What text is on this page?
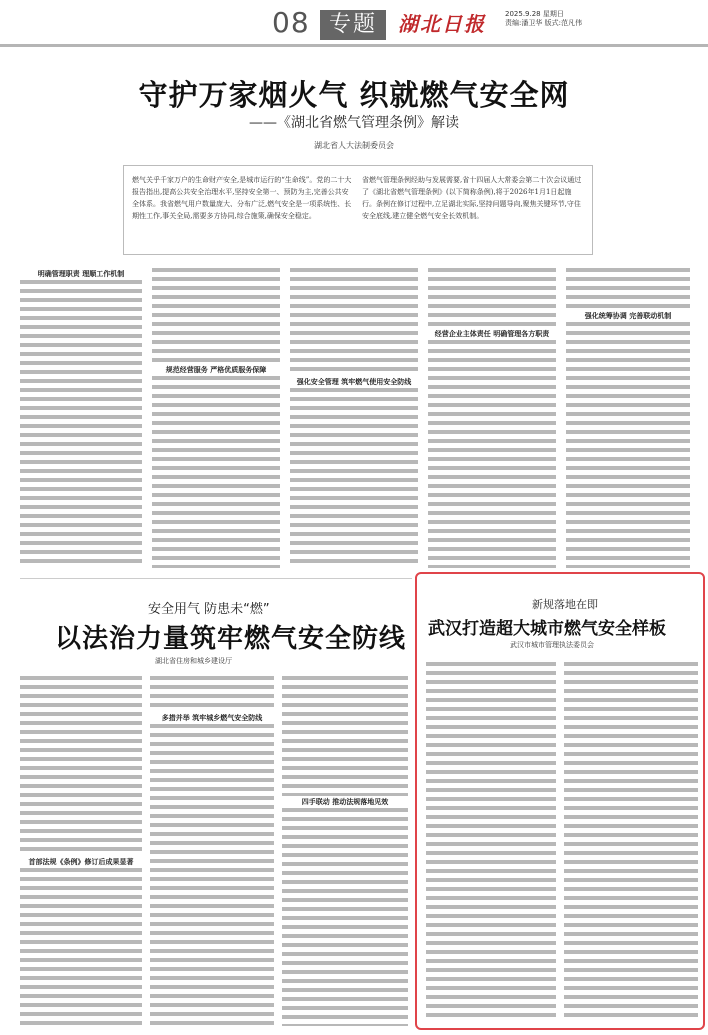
08 专题	湖北日报	2025.9.28 星期日
责编:潘卫华 版式:范凡伟
守护万家烟火气 织就燃气安全网
——《湖北省燃气管理条例》解读
湖北省人大法制委员会
燃气关乎千家万户的生命财产安全,是城市运行的“生命线”。党的二十大报告指出,提高公共安全治理水平,坚持安全第一、预防为主,完善公共安全体系。我省燃气用户数量庞大、分布广泛,燃气安全是一项系统性、长期性工作,事关全局,需要多方协同,综合施策,确保安全稳定。
省燃气管理条例经助与发展需要,省十四届人大常委会第二十次会议通过了《湖北省燃气管理条例》(以下简称条例),将于2026年1月1日起施行。条例在修订过程中,立足湖北实际,坚持问题导向,聚焦关键环节,守住安全底线,建立健全燃气安全长效机制。
明确管理职责 理顺工作机制
规范经营服务 严格优质服务保障
强化安全管理 筑牢燃气使用安全防线
经营企业主体责任 明确管理各方职责
强化统筹协调 完善联动机制
安全用气 防患未“燃”
以法治力量筑牢燃气安全防线
湖北省住房和城乡建设厅
首部法规《条例》修订后成果显著
多措并举 筑牢城乡燃气安全防线
四手联动 推动法规落地见效
新规落地在即
武汉打造超大城市燃气安全样板
武汉市城市管理执法委员会
